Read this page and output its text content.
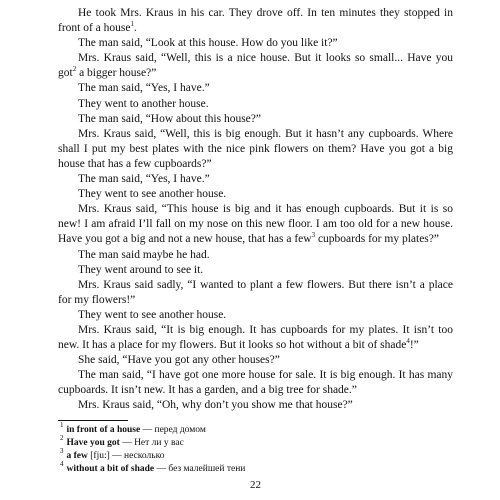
He took Mrs. Kraus in his car. They drove off. In ten minutes they stopped in front of a house$^1$.

The man said, “Look at this house. How do you like it?”

Mrs. Kraus said, “Well, this is a nice house. But it looks so small... Have you got$^2$ a bigger house?”

The man said, “Yes, I have.”

They went to another house.

The man said, “How about this house?”

Mrs. Kraus said, “Well, this is big enough. But it hasn’t any cupboards. Where shall I put my best plates with the nice pink flowers on them? Have you got a big house that has a few cupboards?”

The man said, “Yes, I have.”

They went to see another house.

Mrs. Kraus said, “This house is big and it has enough cupboards. But it is so new! I am afraid I’ll fall on my nose on this new floor. I am too old for a new house. Have you got a big and not a new house, that has a few$^3$ cupboards for my plates?”

The man said maybe he had.

They went around to see it.

Mrs. Kraus said sadly, “I wanted to plant a few flowers. But there isn’t a place for my flowers!”

They went to see another house.

Mrs. Kraus said, “It is big enough. It has cupboards for my plates. It isn’t too new. It has a place for my flowers. But it looks so hot without a bit of shade$^4$!”

She said, “Have you got any other houses?”

The man said, “I have got one more house for sale. It is big enough. It has many cupboards. It isn’t new. It has a garden, and a big tree for shade.”

Mrs. Kraus said, “Oh, why don’t you show me that house?”

$^1$ in front of a house — перед домом

$^2$ Have you got — Нет ли у вас

$^3$ a few [fju:] — несколько

$^4$ without a bit of shade — без малейшей тени

22
